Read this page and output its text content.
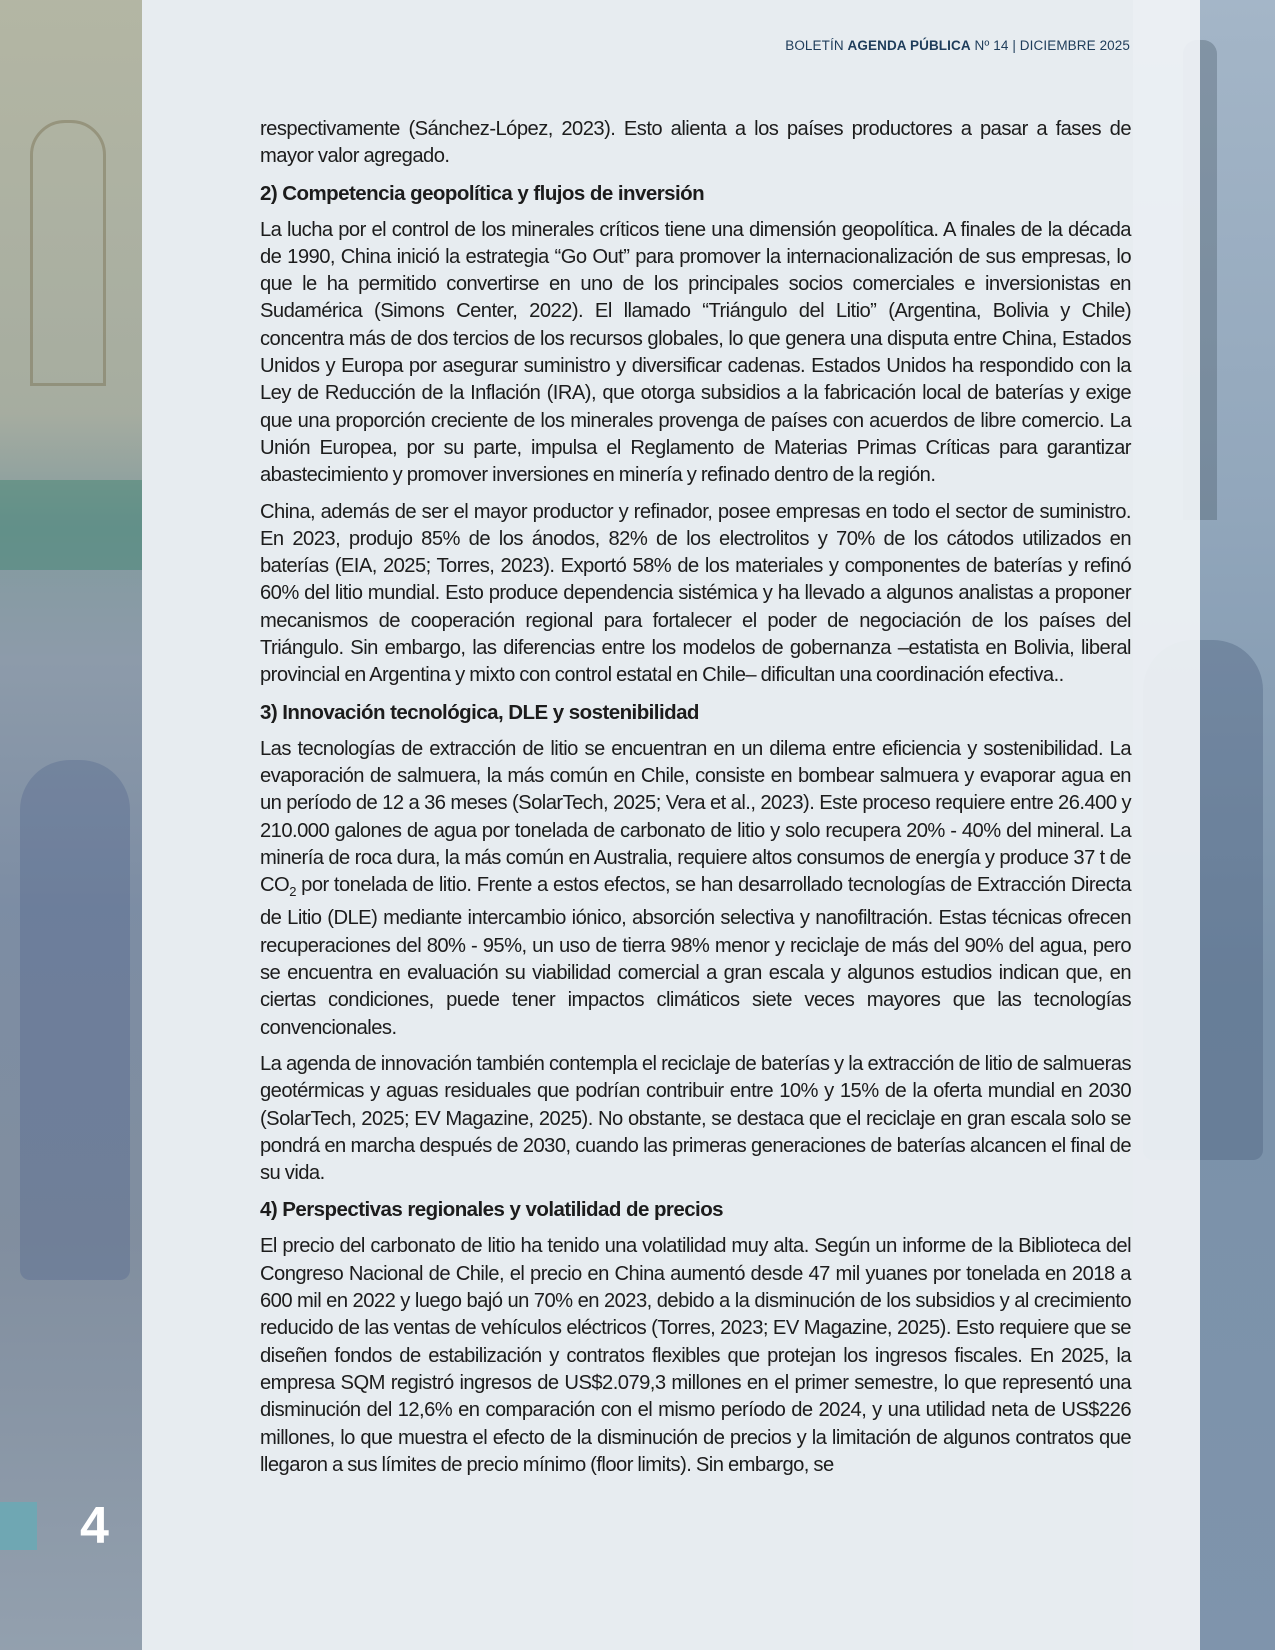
BOLETÍN AGENDA PÚBLICA Nº 14 | DICIEMBRE 2025

respectivamente (Sánchez-López, 2023). Esto alienta a los países productores a pasar a fases de mayor valor agregado.

2) Competencia geopolítica y flujos de inversión

La lucha por el control de los minerales críticos tiene una dimensión geopolítica. A finales de la década de 1990, China inició la estrategia “Go Out” para promover la internacionalización de sus empresas, lo que le ha permitido convertirse en uno de los principales socios comerciales e inversionistas en Sudamérica (Simons Center, 2022). El llamado “Triángulo del Litio” (Argentina, Bolivia y Chile) concentra más de dos tercios de los recursos globales, lo que genera una disputa entre China, Estados Unidos y Europa por asegurar suministro y diversificar cadenas. Estados Unidos ha respondido con la Ley de Reducción de la Inflación (IRA), que otorga subsidios a la fabricación local de baterías y exige que una proporción creciente de los minerales provenga de países con acuerdos de libre comercio. La Unión Europea, por su parte, impulsa el Reglamento de Materias Primas Críticas para garantizar abastecimiento y promover inversiones en minería y refinado dentro de la región.

China, además de ser el mayor productor y refinador, posee empresas en todo el sector de suministro. En 2023, produjo 85% de los ánodos, 82% de los electrolitos y 70% de los cátodos utilizados en baterías (EIA, 2025; Torres, 2023). Exportó 58% de los materiales y componentes de baterías y refinó 60% del litio mundial. Esto produce dependencia sistémica y ha llevado a algunos analistas a proponer mecanismos de cooperación regional para fortalecer el poder de negociación de los países del Triángulo. Sin embargo, las diferencias entre los modelos de gobernanza –estatista en Bolivia, liberal provincial en Argentina y mixto con control estatal en Chile– dificultan una coordinación efectiva..

3) Innovación tecnológica, DLE y sostenibilidad

Las tecnologías de extracción de litio se encuentran en un dilema entre eficiencia y sostenibilidad. La evaporación de salmuera, la más común en Chile, consiste en bombear salmuera y evaporar agua en un período de 12 a 36 meses (SolarTech, 2025; Vera et al., 2023). Este proceso requiere entre 26.400 y 210.000 galones de agua por tonelada de carbonato de litio y solo recupera 20% - 40% del mineral. La minería de roca dura, la más común en Australia, requiere altos consumos de energía y produce 37 t de $CO_2$ por tonelada de litio. Frente a estos efectos, se han desarrollado tecnologías de Extracción Directa de Litio (DLE) mediante intercambio iónico, absorción selectiva y nanofiltración. Estas técnicas ofrecen recuperaciones del 80% - 95%, un uso de tierra 98% menor y reciclaje de más del 90% del agua, pero se encuentra en evaluación su viabilidad comercial a gran escala y algunos estudios indican que, en ciertas condiciones, puede tener impactos climáticos siete veces mayores que las tecnologías convencionales.

La agenda de innovación también contempla el reciclaje de baterías y la extracción de litio de salmueras geotérmicas y aguas residuales que podrían contribuir entre 10% y 15% de la oferta mundial en 2030 (SolarTech, 2025; EV Magazine, 2025). No obstante, se destaca que el reciclaje en gran escala solo se pondrá en marcha después de 2030, cuando las primeras generaciones de baterías alcancen el final de su vida.

4) Perspectivas regionales y volatilidad de precios

El precio del carbonato de litio ha tenido una volatilidad muy alta. Según un informe de la Biblioteca del Congreso Nacional de Chile, el precio en China aumentó desde 47 mil yuanes por tonelada en 2018 a 600 mil en 2022 y luego bajó un 70% en 2023, debido a la disminución de los subsidios y al crecimiento reducido de las ventas de vehículos eléctricos (Torres, 2023; EV Magazine, 2025). Esto requiere que se diseñen fondos de estabilización y contratos flexibles que protejan los ingresos fiscales. En 2025, la empresa SQM registró ingresos de US$2.079,3 millones en el primer semestre, lo que representó una disminución del 12,6% en comparación con el mismo período de 2024, y una utilidad neta de US$226 millones, lo que muestra el efecto de la disminución de precios y la limitación de algunos contratos que llegaron a sus límites de precio mínimo (floor limits). Sin embargo, se

4
